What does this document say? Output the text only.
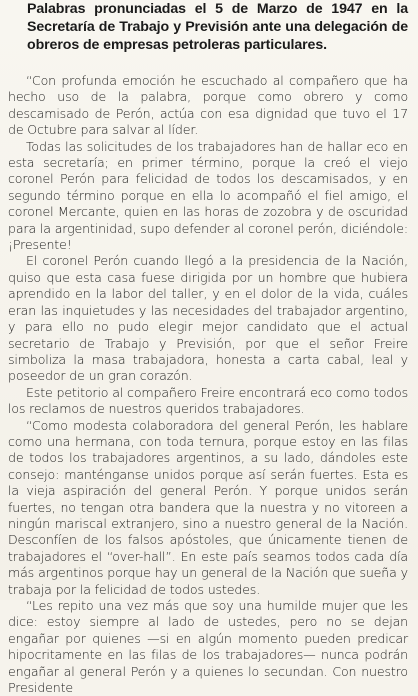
Palabras pronunciadas el 5 de Marzo de 1947 en la Secretaría de Trabajo y Previsión ante una delegación de obreros de empresas petroleras particulares.

“Con profunda emoción he escuchado al compañero que ha hecho uso de la palabra, porque como obrero y como descamisado de Perón, actúa con esa dignidad que tuvo el 17 de Octubre para salvar al líder.

Todas las solicitudes de los trabajadores han de hallar eco en esta secretaría; en primer término, porque la creó el viejo coronel Perón para felicidad de todos los descamisados, y en segundo término porque en ella lo acompañó el fiel amigo, el coronel Mercante, quien en las horas de zozobra y de oscuridad para la argentinidad, supo defender al coronel perón, diciéndole: ¡Presente!

El coronel Perón cuando llegó a la presidencia de la Nación, quiso que esta casa fuese dirigida por un hombre que hubiera aprendido en la labor del taller, y en el dolor de la vida, cuáles eran las inquietudes y las necesidades del trabajador argentino, y para ello no pudo elegir mejor candidato que el actual secretario de Trabajo y Previsión, por que el señor Freire simboliza la masa trabajadora, honesta a carta cabal, leal y poseedor de un gran corazón.

Este petitorio al compañero Freire encontrará eco como todos los reclamos de nuestros queridos trabajadores.

“Como modesta colaboradora del general Perón, les hablare como una hermana, con toda ternura, porque estoy en las filas de todos los trabajadores argentinos, a su lado, dándoles este consejo: manténganse unidos porque así serán fuertes. Esta es la vieja aspiración del general Perón. Y porque unidos serán fuertes, no tengan otra bandera que la nuestra y no vitoreen a ningún mariscal extranjero, sino a nuestro general de la Nación. Desconfíen de los falsos apóstoles, que únicamente tienen de trabajadores el “over-hall”. En este país seamos todos cada día más argentinos porque hay un general de la Nación que sueña y trabaja por la felicidad de todos ustedes.

“Les repito una vez más que soy una humilde mujer que les dice: estoy siempre al lado de ustedes, pero no se dejan engañar por quienes —si en algún momento pueden predicar hipocritamente en las filas de los trabajadores— nunca podrán engañar al general Perón y a quienes lo secundan. Con nuestro Presidente
